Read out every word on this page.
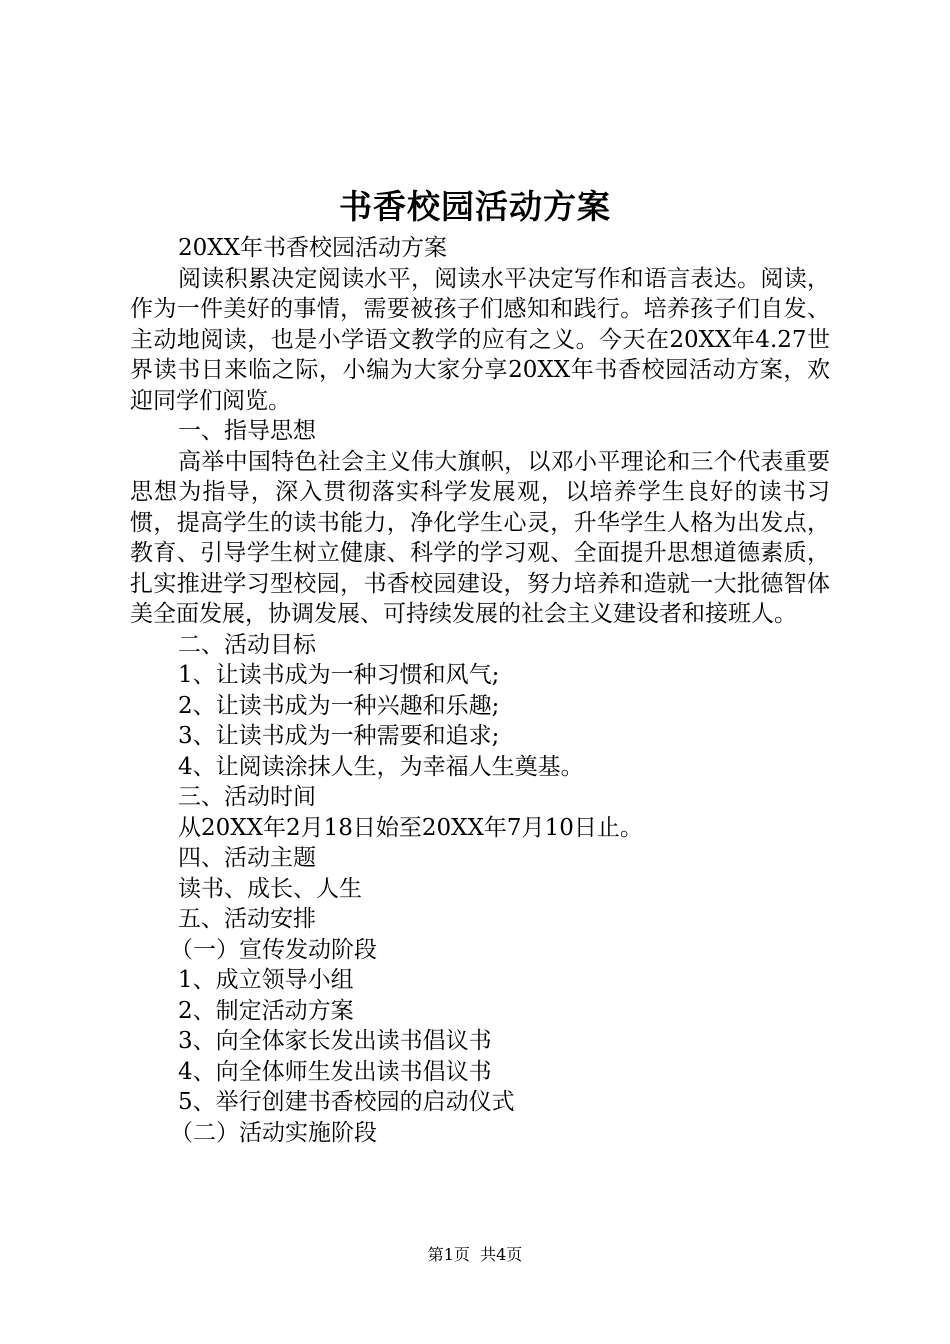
书香校园活动方案

20XX年书香校园活动方案

阅读积累决定阅读水平，阅读水平决定写作和语言表达。阅读，作为一件美好的事情，需要被孩子们感知和践行。培养孩子们自发、主动地阅读，也是小学语文教学的应有之义。今天在20XX年4.27世界读书日来临之际，小编为大家分享20XX年书香校园活动方案，欢迎同学们阅览。

一、指导思想

高举中国特色社会主义伟大旗帜，以邓小平理论和三个代表重要思想为指导，深入贯彻落实科学发展观，以培养学生良好的读书习惯，提高学生的读书能力，净化学生心灵，升华学生人格为出发点，教育、引导学生树立健康、科学的学习观、全面提升思想道德素质，扎实推进学习型校园，书香校园建设，努力培养和造就一大批德智体美全面发展，协调发展、可持续发展的社会主义建设者和接班人。

二、活动目标

1、让读书成为一种习惯和风气;

2、让读书成为一种兴趣和乐趣;

3、让读书成为一种需要和追求;

4、让阅读涂抹人生，为幸福人生奠基。

三、活动时间

从20XX年2月18日始至20XX年7月10日止。

四、活动主题

读书、成长、人生

五、活动安排

（一）宣传发动阶段

1、成立领导小组

2、制定活动方案

3、向全体家长发出读书倡议书

4、向全体师生发出读书倡议书

5、举行创建书香校园的启动仪式

（二）活动实施阶段

第1页  共4页
